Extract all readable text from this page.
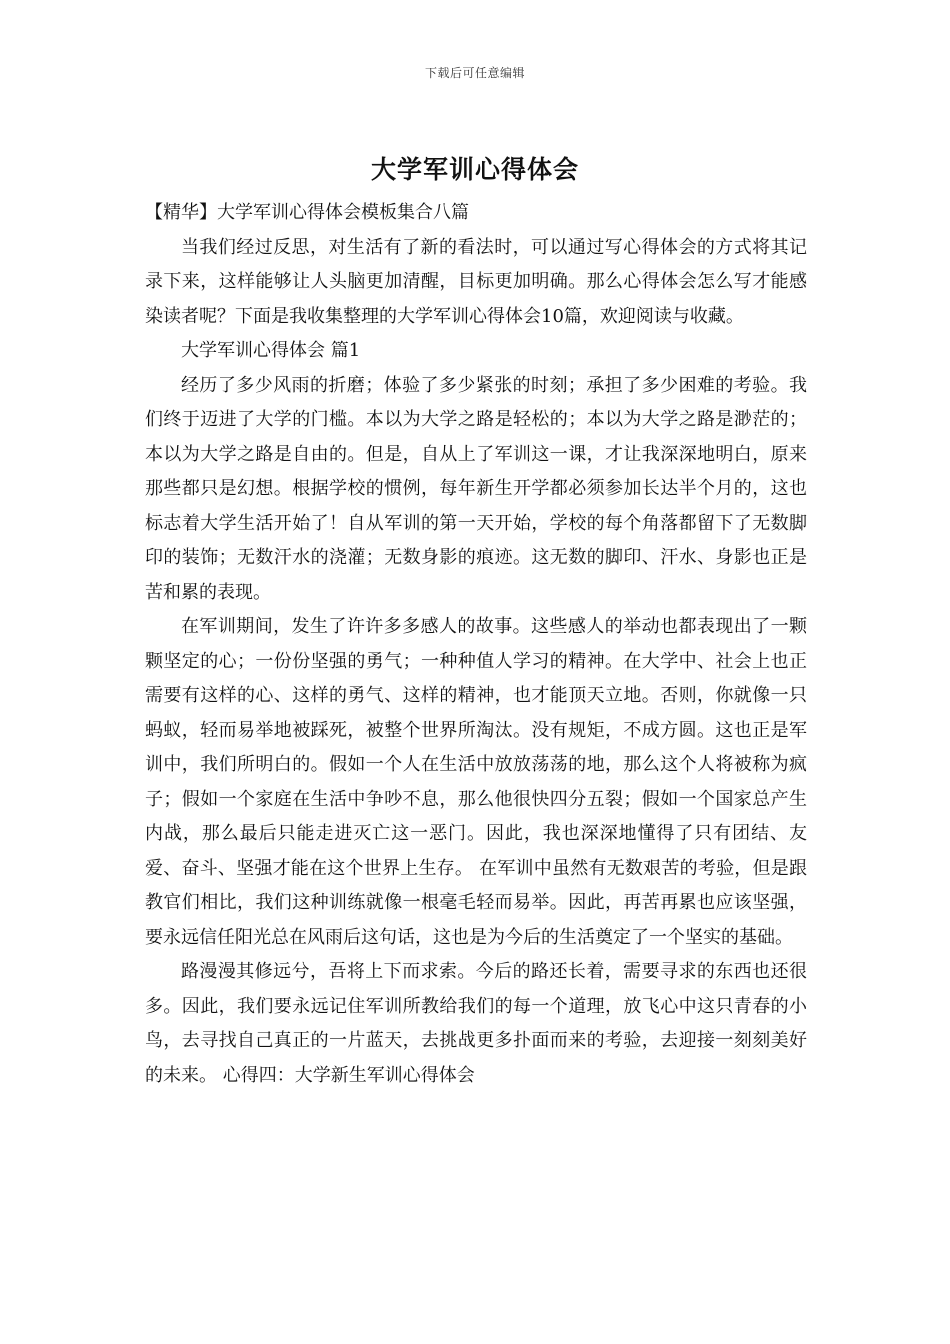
下载后可任意编辑
大学军训心得体会

【精华】大学军训心得体会模板集合八篇

当我们经过反思，对生活有了新的看法时，可以通过写心得体会的方式将其记录下来，这样能够让人头脑更加清醒，目标更加明确。那么心得体会怎么写才能感染读者呢？下面是我收集整理的大学军训心得体会10篇，欢迎阅读与收藏。

大学军训心得体会 篇1

经历了多少风雨的折磨；体验了多少紧张的时刻；承担了多少困难的考验。我们终于迈进了大学的门槛。本以为大学之路是轻松的；本以为大学之路是渺茫的；本以为大学之路是自由的。但是，自从上了军训这一课，才让我深深地明白，原来那些都只是幻想。根据学校的惯例，每年新生开学都必须参加长达半个月的，这也标志着大学生活开始了！自从军训的第一天开始，学校的每个角落都留下了无数脚印的装饰；无数汗水的浇灌；无数身影的痕迹。这无数的脚印、汗水、身影也正是苦和累的表现。

在军训期间，发生了许许多多感人的故事。这些感人的举动也都表现出了一颗颗坚定的心；一份份坚强的勇气；一种种值人学习的精神。在大学中、社会上也正需要有这样的心、这样的勇气、这样的精神，也才能顶天立地。否则，你就像一只蚂蚁，轻而易举地被踩死，被整个世界所淘汰。没有规矩，不成方圆。这也正是军训中，我们所明白的。假如一个人在生活中放放荡荡的地，那么这个人将被称为疯子；假如一个家庭在生活中争吵不息，那么他很快四分五裂；假如一个国家总产生内战，那么最后只能走进灭亡这一恶门。因此，我也深深地懂得了只有团结、友爱、奋斗、坚强才能在这个世界上生存。 在军训中虽然有无数艰苦的考验，但是跟教官们相比，我们这种训练就像一根毫毛轻而易举。因此，再苦再累也应该坚强，要永远信任阳光总在风雨后这句话，这也是为今后的生活奠定了一个坚实的基础。

路漫漫其修远兮，吾将上下而求索。今后的路还长着，需要寻求的东西也还很多。因此，我们要永远记住军训所教给我们的每一个道理，放飞心中这只青春的小鸟，去寻找自己真正的一片蓝天，去挑战更多扑面而来的考验，去迎接一刻刻美好的未来。 心得四：大学新生军训心得体会
